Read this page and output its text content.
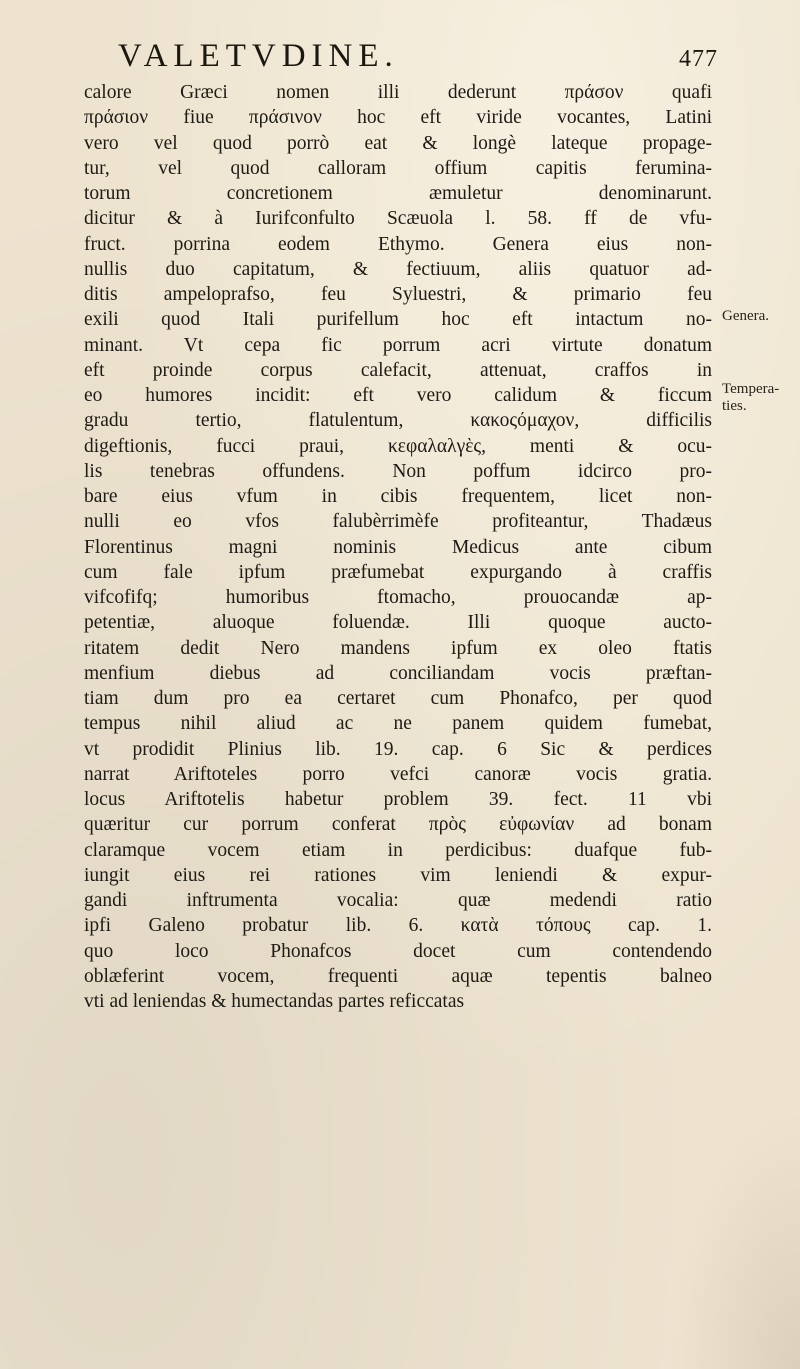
VALETVDINE.	477
calore Græci nomen illi dederunt πράσον quafi
πράσιον fiue πράσινον hoc eft viride vocantes, Latini
vero vel quod porrò eat & longè lateque propage-
tur, vel quod calloram offium capitis ferumina-
torum concretionem æmuletur denominarunt.
dicitur & à Iurifconfulto Scæuola l. 58. ff de vfu-
fruct. porrina eodem Ethymo. Genera eius non-
nullis duo capitatum, & fectiuum, aliis quatuor ad-
ditis ampeloprafso, feu Syluestri, & primario feu
exili quod Itali purifellum hoc eft intactum no-
minant. Vt cepa fic porrum acri virtute donatum
eft proinde corpus calefacit, attenuat, craffos in
eo humores incidit: eft vero calidum & ficcum
gradu tertio, flatulentum, κακοςόμαχον, difficilis
digeftionis, fucci praui, κεφαλαλγὲς, menti & ocu-
lis tenebras offundens. Non poffum idcirco pro-
bare eius vfum in cibis frequentem, licet non-
nulli eo vfos falubèrrimèfe profiteantur, Thadæus
Florentinus magni nominis Medicus ante cibum
cum fale ipfum præfumebat expurgando à craffis
vifcofifq; humoribus ftomacho, prouocandæ ap-
petentiæ, aluoque foluendæ. Illi quoque aucto-
ritatem dedit Nero mandens ipfum ex oleo ftatis
menfium diebus ad conciliandam vocis præftan-
tiam dum pro ea certaret cum Phonafco, per quod
tempus nihil aliud ac ne panem quidem fumebat,
vt prodidit Plinius lib. 19. cap. 6 Sic & perdices
narrat Ariftoteles porro vefci canoræ vocis gratia.
locus Ariftotelis habetur problem 39. fect. 11 vbi
quæritur cur porrum conferat πρὸς εὐφωνίαν ad bonam
claramque vocem etiam in perdicibus: duafque fub-
iungit eius rei rationes vim leniendi & expur-
gandi inftrumenta vocalia: quæ medendi ratio
ipfi Galeno probatur lib. 6. κατὰ τόπους cap. 1.
quo loco Phonafcos docet cum contendendo
oblæferint vocem, frequenti aquæ tepentis balneo
vti ad leniendas & humectandas partes reficcatas
Genera.
Tempera-
ties.
